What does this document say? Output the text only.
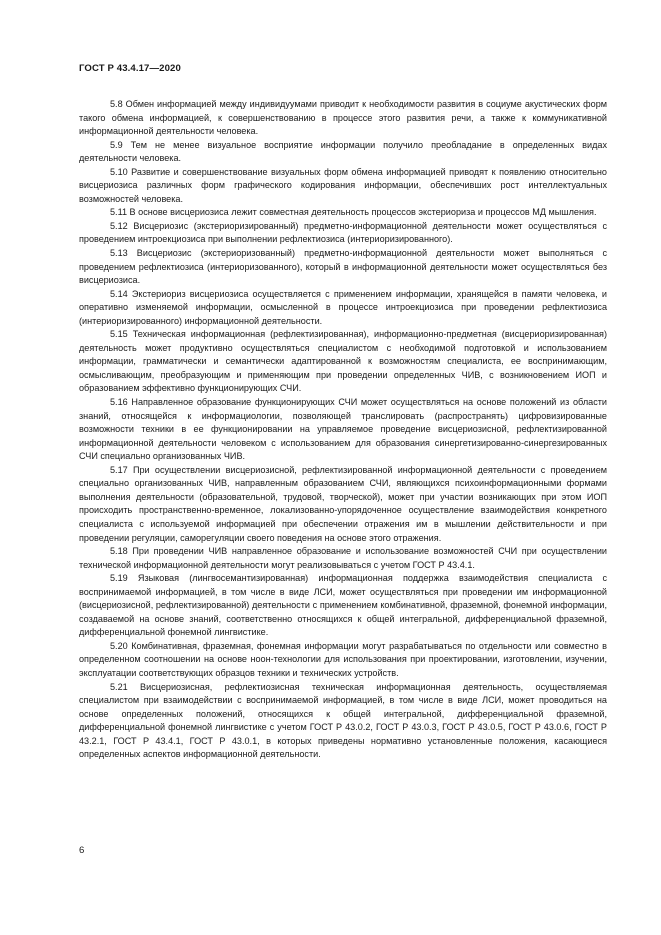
ГОСТ Р 43.4.17—2020

5.8 Обмен информацией между индивидуумами приводит к необходимости развития в социуме акустических форм такого обмена информацией, к совершенствованию в процессе этого развития речи, а также к коммуникативной информационной деятельности человека.

5.9 Тем не менее визуальное восприятие информации получило преобладание в определенных видах деятельности человека.

5.10 Развитие и совершенствование визуальных форм обмена информацией приводят к появлению относительно висцериозиса различных форм графического кодирования информации, обеспечивших рост интеллектуальных возможностей человека.

5.11 В основе висцериозиса лежит совместная деятельность процессов экстериориза и процессов МД мышления.

5.12 Висцериозис (экстериоризированный) предметно-информационной деятельности может осуществляться с проведением интроекциозиса при выполнении рефлектиозиса (интериоризированного).

5.13 Висцериозис (экстериоризованный) предметно-информационной деятельности может выполняться с проведением рефлектиозиса (интериоризованного), который в информационной деятельности может осуществляться без висцериозиса.

5.14 Экстериориз висцериозиса осуществляется с применением информации, хранящейся в памяти человека, и оперативно изменяемой информации, осмысленной в процессе интроекциозиса при проведении рефлектиозиса (интериоризированного) информационной деятельности.

5.15 Техническая информационная (рефлектизированная), информационно-предметная (висцериоризированная) деятельность может продуктивно осуществляться специалистом с необходимой подготовкой и использованием информации, грамматически и семантически адаптированной к возможностям специалиста, ее воспринимающим, осмысливающим, преобразующим и применяющим при проведении определенных ЧИВ, с возникновением ИОП и образованием эффективно функционирующих СЧИ.

5.16 Направленное образование функционирующих СЧИ может осуществляться на основе положений из области знаний, относящейся к информациологии, позволяющей транслировать (распространять) цифровизированные возможности техники в ее функционировании на управляемое проведение висцериозисной, рефлектизированной информационной деятельности человеком с использованием для образования синергетизированно-синергезированных СЧИ специально организованных ЧИВ.

5.17 При осуществлении висцериозисной, рефлектизированной информационной деятельности с проведением специально организованных ЧИВ, направленным образованием СЧИ, являющихся психоинформационными формами выполнения деятельности (образовательной, трудовой, творческой), может при участии возникающих при этом ИОП происходить пространственно-временное, локализованно-упорядоченное осуществление взаимодействия конкретного специалиста с используемой информацией при обеспечении отражения им в мышлении действительности и при проведении регуляции, саморегуляции своего поведения на основе этого отражения.

5.18 При проведении ЧИВ направленное образование и использование возможностей СЧИ при осуществлении технической информационной деятельности могут реализовываться с учетом ГОСТ Р 43.4.1.

5.19 Языковая (лингвосемантизированная) информационная поддержка взаимодействия специалиста с воспринимаемой информацией, в том числе в виде ЛСИ, может осуществляться при проведении им информационной (висцериозисной, рефлектизированной) деятельности с применением комбинативной, фраземной, фонемной информации, создаваемой на основе знаний, соответственно относящихся к общей интегральной, дифференциальной фраземной, дифференциальной фонемной лингвистике.

5.20 Комбинативная, фраземная, фонемная информации могут разрабатываться по отдельности или совместно в определенном соотношении на основе ноон-технологии для использования при проектировании, изготовлении, изучении, эксплуатации соответствующих образцов техники и технических устройств.

5.21 Висцериозисная, рефлектиозисная техническая информационная деятельность, осуществляемая специалистом при взаимодействии с воспринимаемой информацией, в том числе в виде ЛСИ, может проводиться на основе определенных положений, относящихся к общей интегральной, дифференциальной фраземной, дифференциальной фонемной лингвистике с учетом ГОСТ Р 43.0.2, ГОСТ Р 43.0.3, ГОСТ Р 43.0.5, ГОСТ Р 43.0.6, ГОСТ Р 43.2.1, ГОСТ Р 43.4.1, ГОСТ Р 43.0.1, в которых приведены нормативно установленные положения, касающиеся определенных аспектов информационной деятельности.

6
